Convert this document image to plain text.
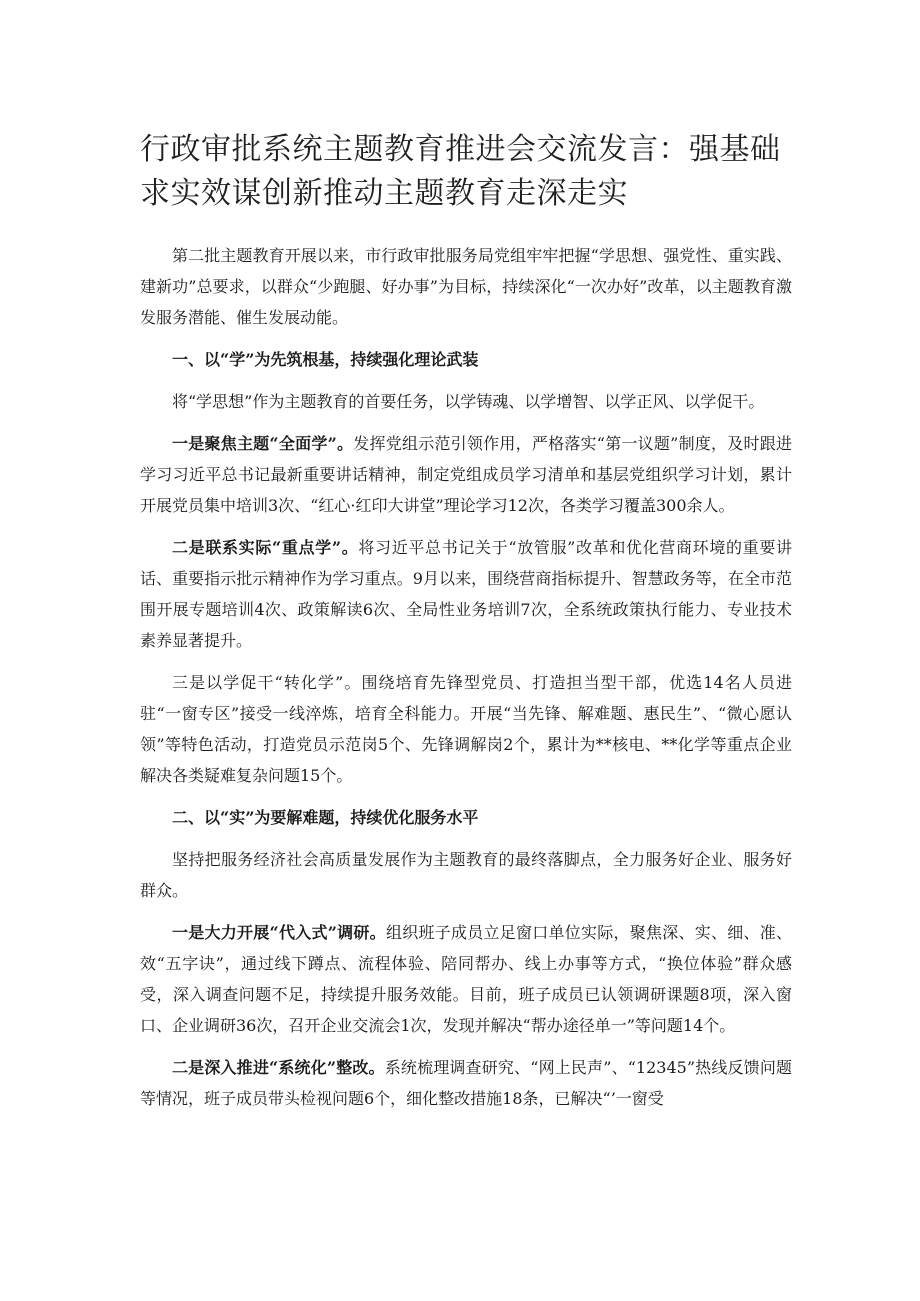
行政审批系统主题教育推进会交流发言：强基础求实效谋创新推动主题教育走深走实

第二批主题教育开展以来，市行政审批服务局党组牢牢把握“学思想、强党性、重实践、建新功”总要求，以群众“少跑腿、好办事”为目标，持续深化“一次办好”改革，以主题教育激发服务潜能、催生发展动能。

一、以“学”为先筑根基，持续强化理论武装

将“学思想”作为主题教育的首要任务，以学铸魂、以学增智、以学正风、以学促干。

一是聚焦主题“全面学”。发挥党组示范引领作用，严格落实“第一议题”制度，及时跟进学习习近平总书记最新重要讲话精神，制定党组成员学习清单和基层党组织学习计划，累计开展党员集中培训3次、“红心·红印大讲堂”理论学习12次，各类学习覆盖300余人。

二是联系实际“重点学”。将习近平总书记关于“放管服”改革和优化营商环境的重要讲话、重要指示批示精神作为学习重点。9月以来，围绕营商指标提升、智慧政务等，在全市范围开展专题培训4次、政策解读6次、全局性业务培训7次，全系统政策执行能力、专业技术素养显著提升。

三是以学促干“转化学”。围绕培育先锋型党员、打造担当型干部，优选14名人员进驻“一窗专区”接受一线淬炼，培育全科能力。开展“当先锋、解难题、惠民生”、“微心愿认领”等特色活动，打造党员示范岗5个、先锋调解岗2个，累计为**核电、**化学等重点企业解决各类疑难复杂问题15个。

二、以“实”为要解难题，持续优化服务水平

坚持把服务经济社会高质量发展作为主题教育的最终落脚点，全力服务好企业、服务好群众。

一是大力开展“代入式”调研。组织班子成员立足窗口单位实际，聚焦深、实、细、准、效“五字诀”，通过线下蹲点、流程体验、陪同帮办、线上办事等方式，“换位体验”群众感受，深入调查问题不足，持续提升服务效能。目前，班子成员已认领调研课题8项，深入窗口、企业调研36次，召开企业交流会1次，发现并解决“帮办途径单一”等问题14个。

二是深入推进“系统化”整改。系统梳理调查研究、“网上民声”、“12345”热线反馈问题等情况，班子成员带头检视问题6个，细化整改措施18条，已解决“’一窗受
